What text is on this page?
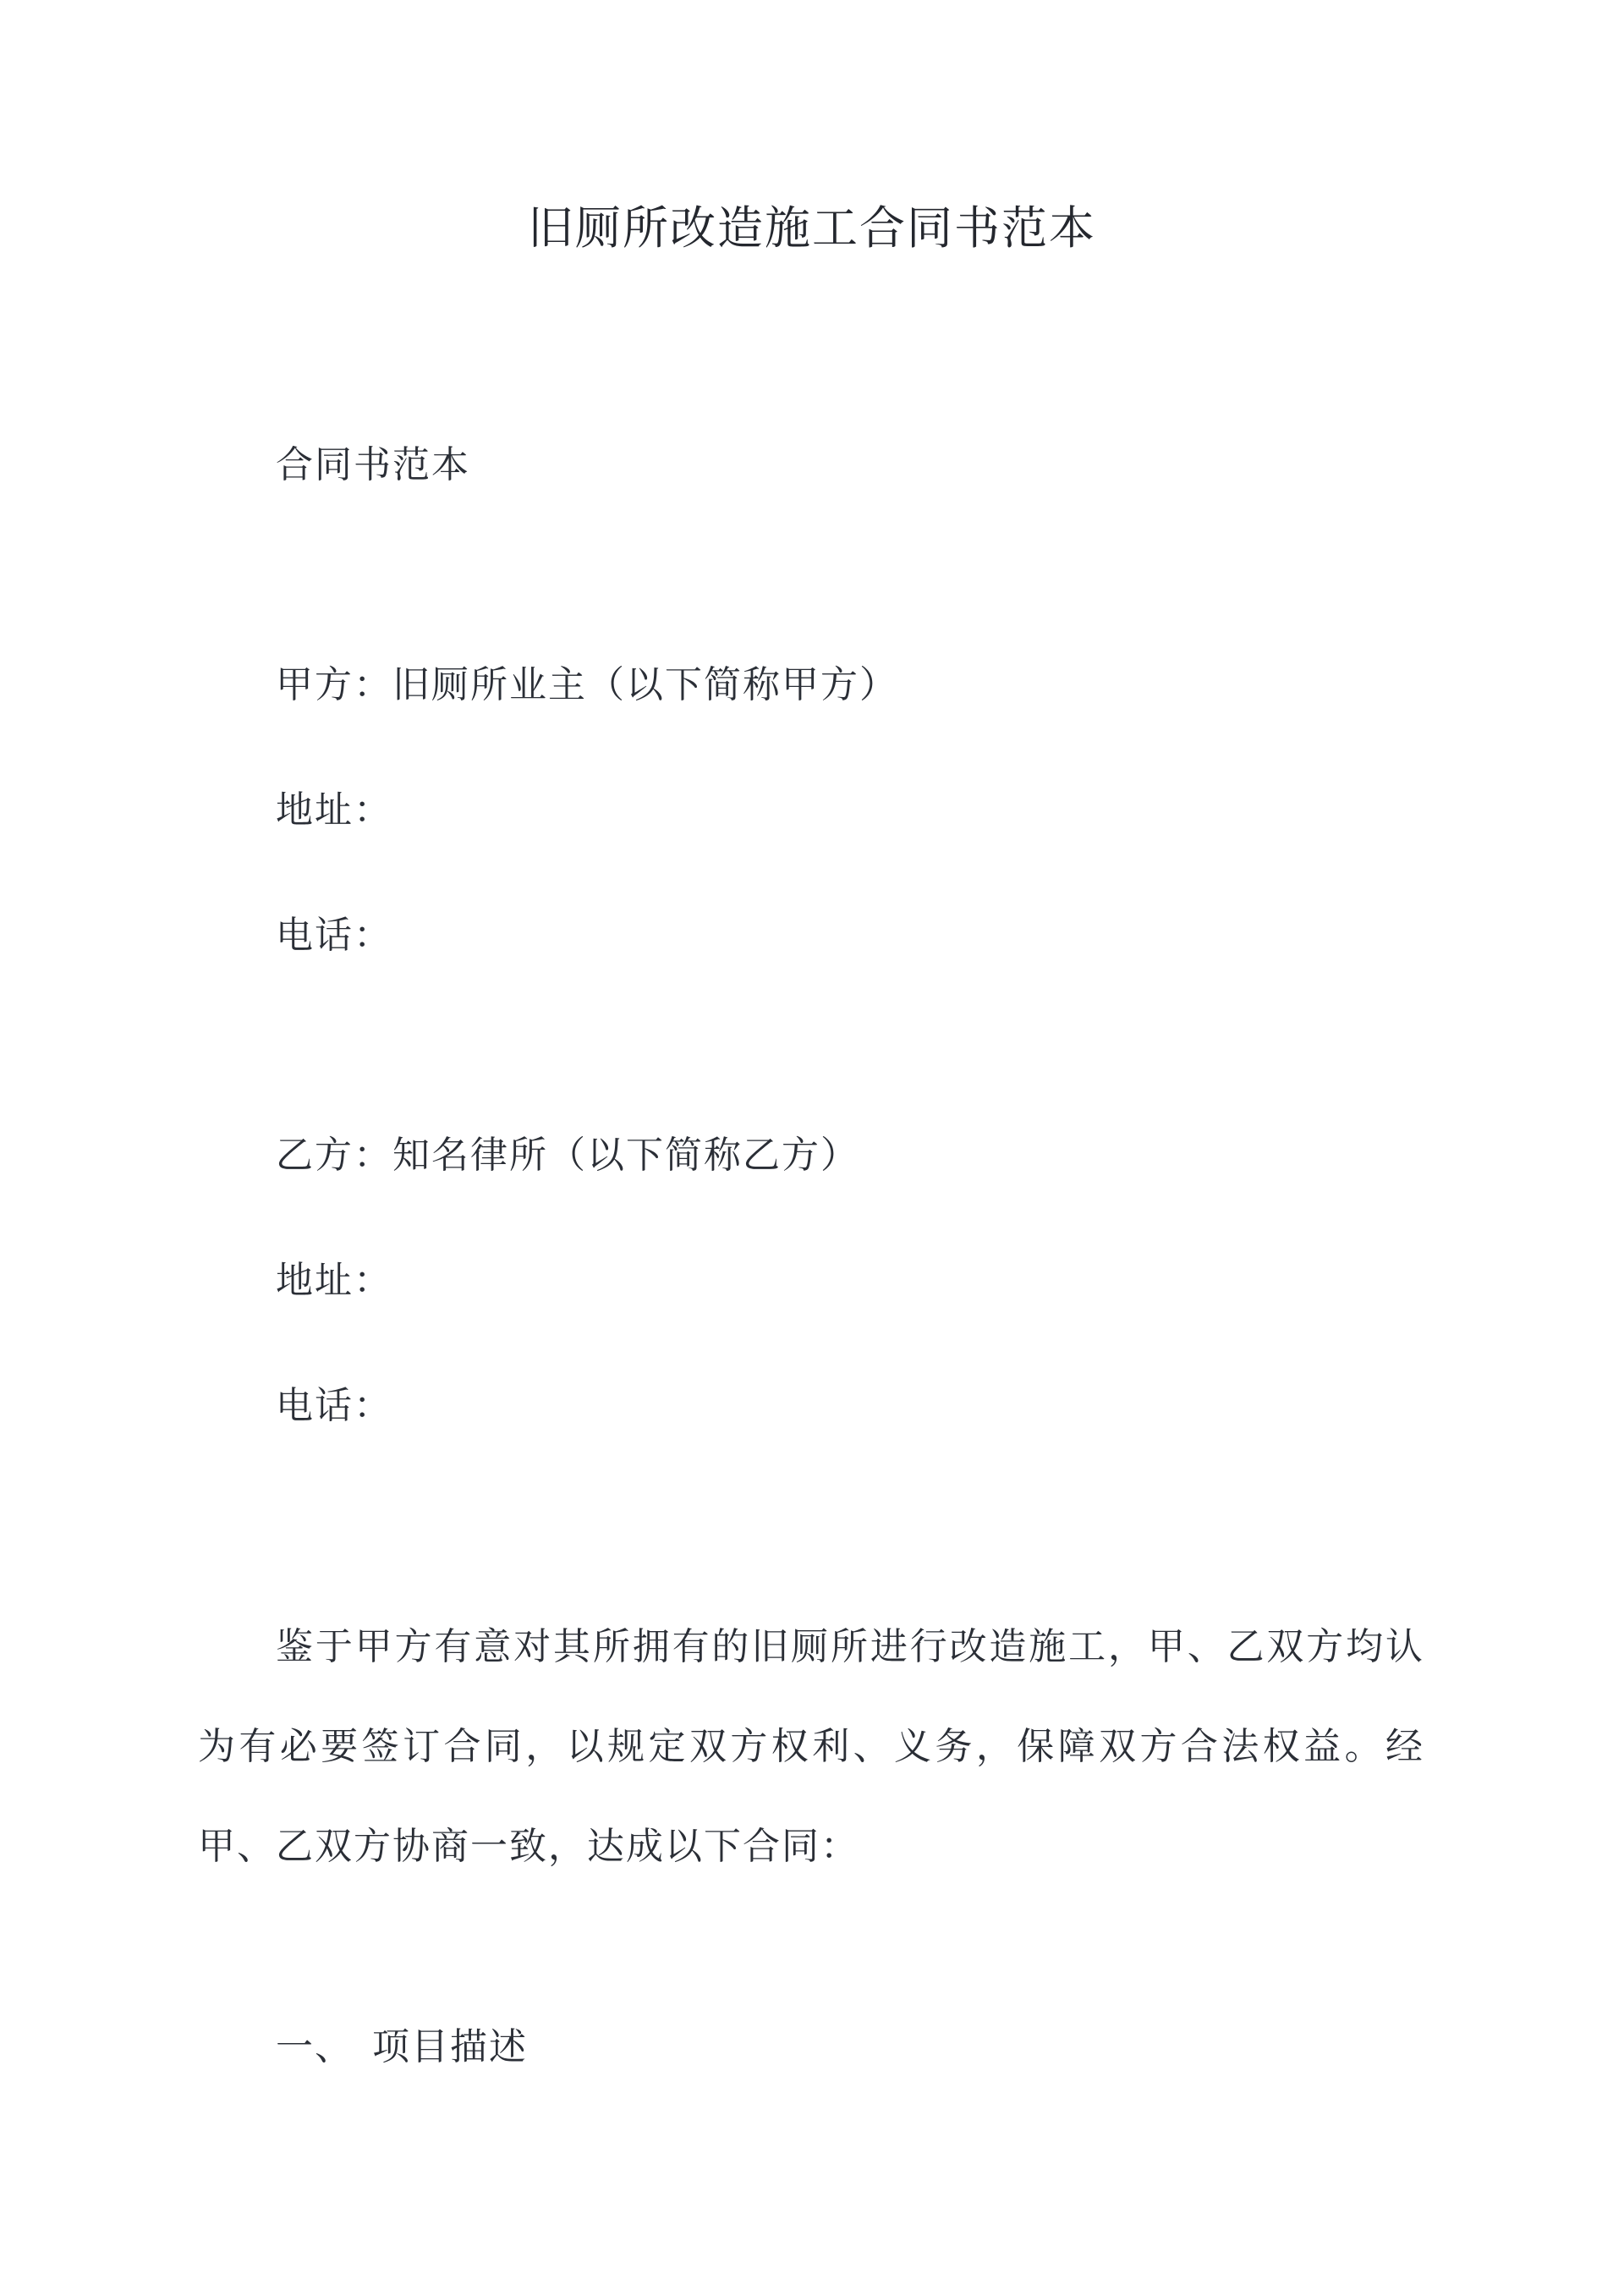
旧厕所改造施工合同书范本

合同书范本

甲方：旧厕所业主（以下简称甲方）

地址：

电话：

乙方：知名律所（以下简称乙方）

地址：

电话：

鉴于甲方有意对其所拥有的旧厕所进行改造施工，甲、乙双方均认为有必要签订合同，以规定双方权利、义务，保障双方合法权益。经甲、乙双方协商一致，达成以下合同：

一、 项目描述
